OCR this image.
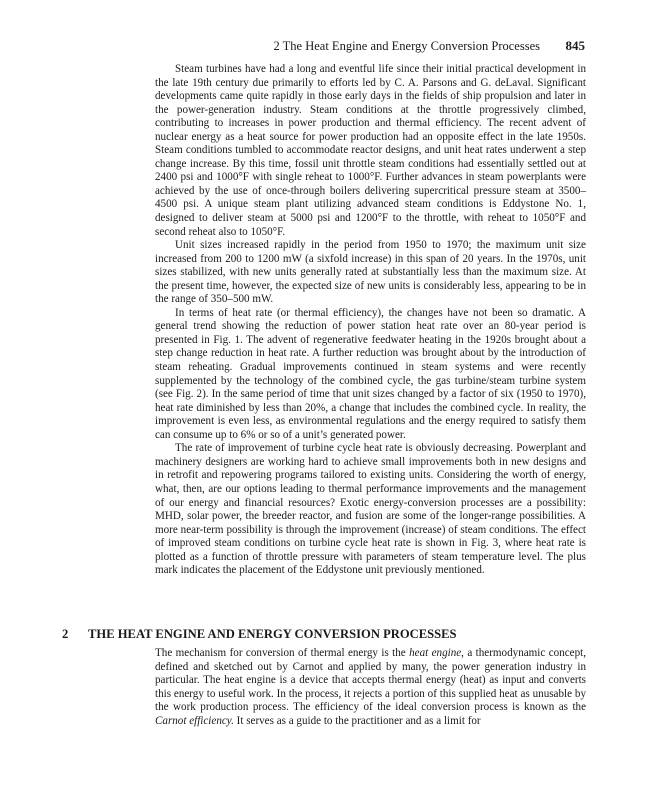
2 The Heat Engine and Energy Conversion Processes 845

Steam turbines have had a long and eventful life since their initial practical development in the late 19th century due primarily to efforts led by C. A. Parsons and G. deLaval. Significant developments came quite rapidly in those early days in the fields of ship propulsion and later in the power-generation industry. Steam conditions at the throttle progressively climbed, contributing to increases in power production and thermal efficiency. The recent advent of nuclear energy as a heat source for power production had an opposite effect in the late 1950s. Steam conditions tumbled to accommodate reactor designs, and unit heat rates underwent a step change increase. By this time, fossil unit throttle steam conditions had essentially settled out at 2400 psi and 1000°F with single reheat to 1000°F. Further advances in steam powerplants were achieved by the use of once-through boilers delivering supercritical pressure steam at 3500–4500 psi. A unique steam plant utilizing advanced steam conditions is Eddystone No. 1, designed to deliver steam at 5000 psi and 1200°F to the throttle, with reheat to 1050°F and second reheat also to 1050°F.

Unit sizes increased rapidly in the period from 1950 to 1970; the maximum unit size increased from 200 to 1200 mW (a sixfold increase) in this span of 20 years. In the 1970s, unit sizes stabilized, with new units generally rated at substantially less than the maximum size. At the present time, however, the expected size of new units is considerably less, appearing to be in the range of 350–500 mW.

In terms of heat rate (or thermal efficiency), the changes have not been so dramatic. A general trend showing the reduction of power station heat rate over an 80-year period is presented in Fig. 1. The advent of regenerative feedwater heating in the 1920s brought about a step change reduction in heat rate. A further reduction was brought about by the introduction of steam reheating. Gradual improvements continued in steam systems and were recently supplemented by the technology of the combined cycle, the gas turbine/steam turbine system (see Fig. 2). In the same period of time that unit sizes changed by a factor of six (1950 to 1970), heat rate diminished by less than 20%, a change that includes the combined cycle. In reality, the improvement is even less, as environmental regulations and the energy required to satisfy them can consume up to 6% or so of a unit’s generated power.

The rate of improvement of turbine cycle heat rate is obviously decreasing. Powerplant and machinery designers are working hard to achieve small improvements both in new designs and in retrofit and repowering programs tailored to existing units. Considering the worth of energy, what, then, are our options leading to thermal performance improvements and the management of our energy and financial resources? Exotic energy-conversion processes are a possibility: MHD, solar power, the breeder reactor, and fusion are some of the longer-range possibilities. A more near-term possibility is through the improvement (increase) of steam conditions. The effect of improved steam conditions on turbine cycle heat rate is shown in Fig. 3, where heat rate is plotted as a function of throttle pressure with parameters of steam temperature level. The plus mark indicates the placement of the Eddystone unit previously mentioned.

2 THE HEAT ENGINE AND ENERGY CONVERSION PROCESSES

The mechanism for conversion of thermal energy is the heat engine, a thermodynamic concept, defined and sketched out by Carnot and applied by many, the power generation industry in particular. The heat engine is a device that accepts thermal energy (heat) as input and converts this energy to useful work. In the process, it rejects a portion of this supplied heat as unusable by the work production process. The efficiency of the ideal conversion process is known as the Carnot efficiency. It serves as a guide to the practitioner and as a limit for
